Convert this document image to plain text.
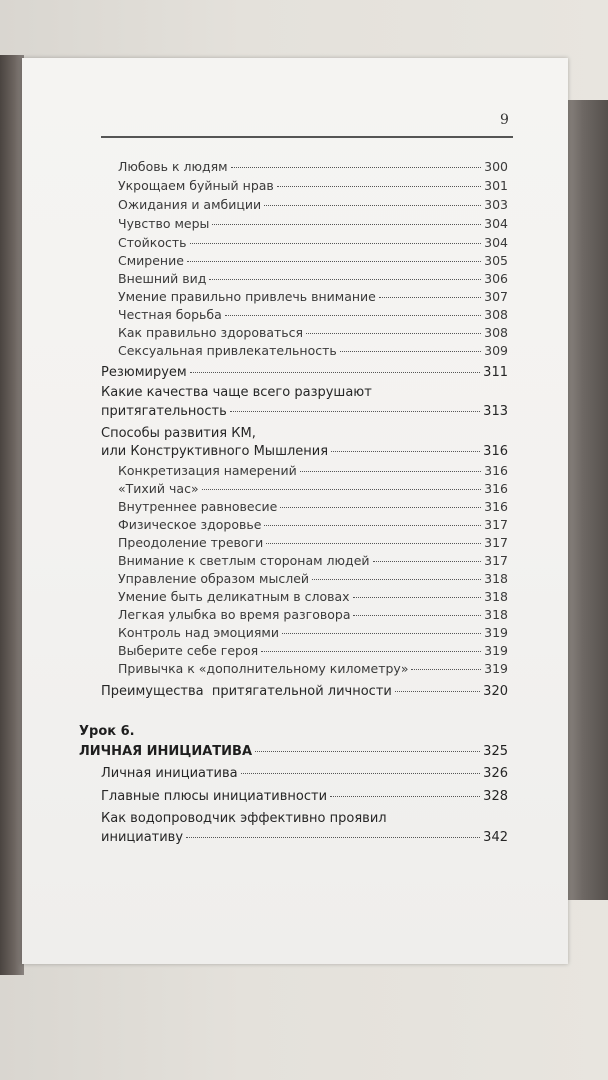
9
Любовь к людям	300
Укрощаем буйный нрав	301
Ожидания и амбиции	303
Чувство меры	304
Стойкость	304
Смирение	305
Внешний вид	306
Умение правильно привлечь внимание	307
Честная борьба	308
Как правильно здороваться	308
Сексуальная привлекательность	309
Резюмируем	311
Какие качества чаще всего разрушают
притягательность	313
Способы развития КМ,
или Конструктивного Мышления	316
Конкретизация намерений	316
«Тихий час»	316
Внутреннее равновесие	316
Физическое здоровье	317
Преодоление тревоги	317
Внимание к светлым сторонам людей	317
Управление образом мыслей	318
Умение быть деликатным в словах	318
Легкая улыбка во время разговора	318
Контроль над эмоциями	319
Выберите себе героя	319
Привычка к «дополнительному километру»	319
Преимущества  притягательной личности	320
Урок 6.
ЛИЧНАЯ ИНИЦИАТИВА	325
Личная инициатива	326
Главные плюсы инициативности	328
Как водопроводчик эффективно проявил
инициативу	342
